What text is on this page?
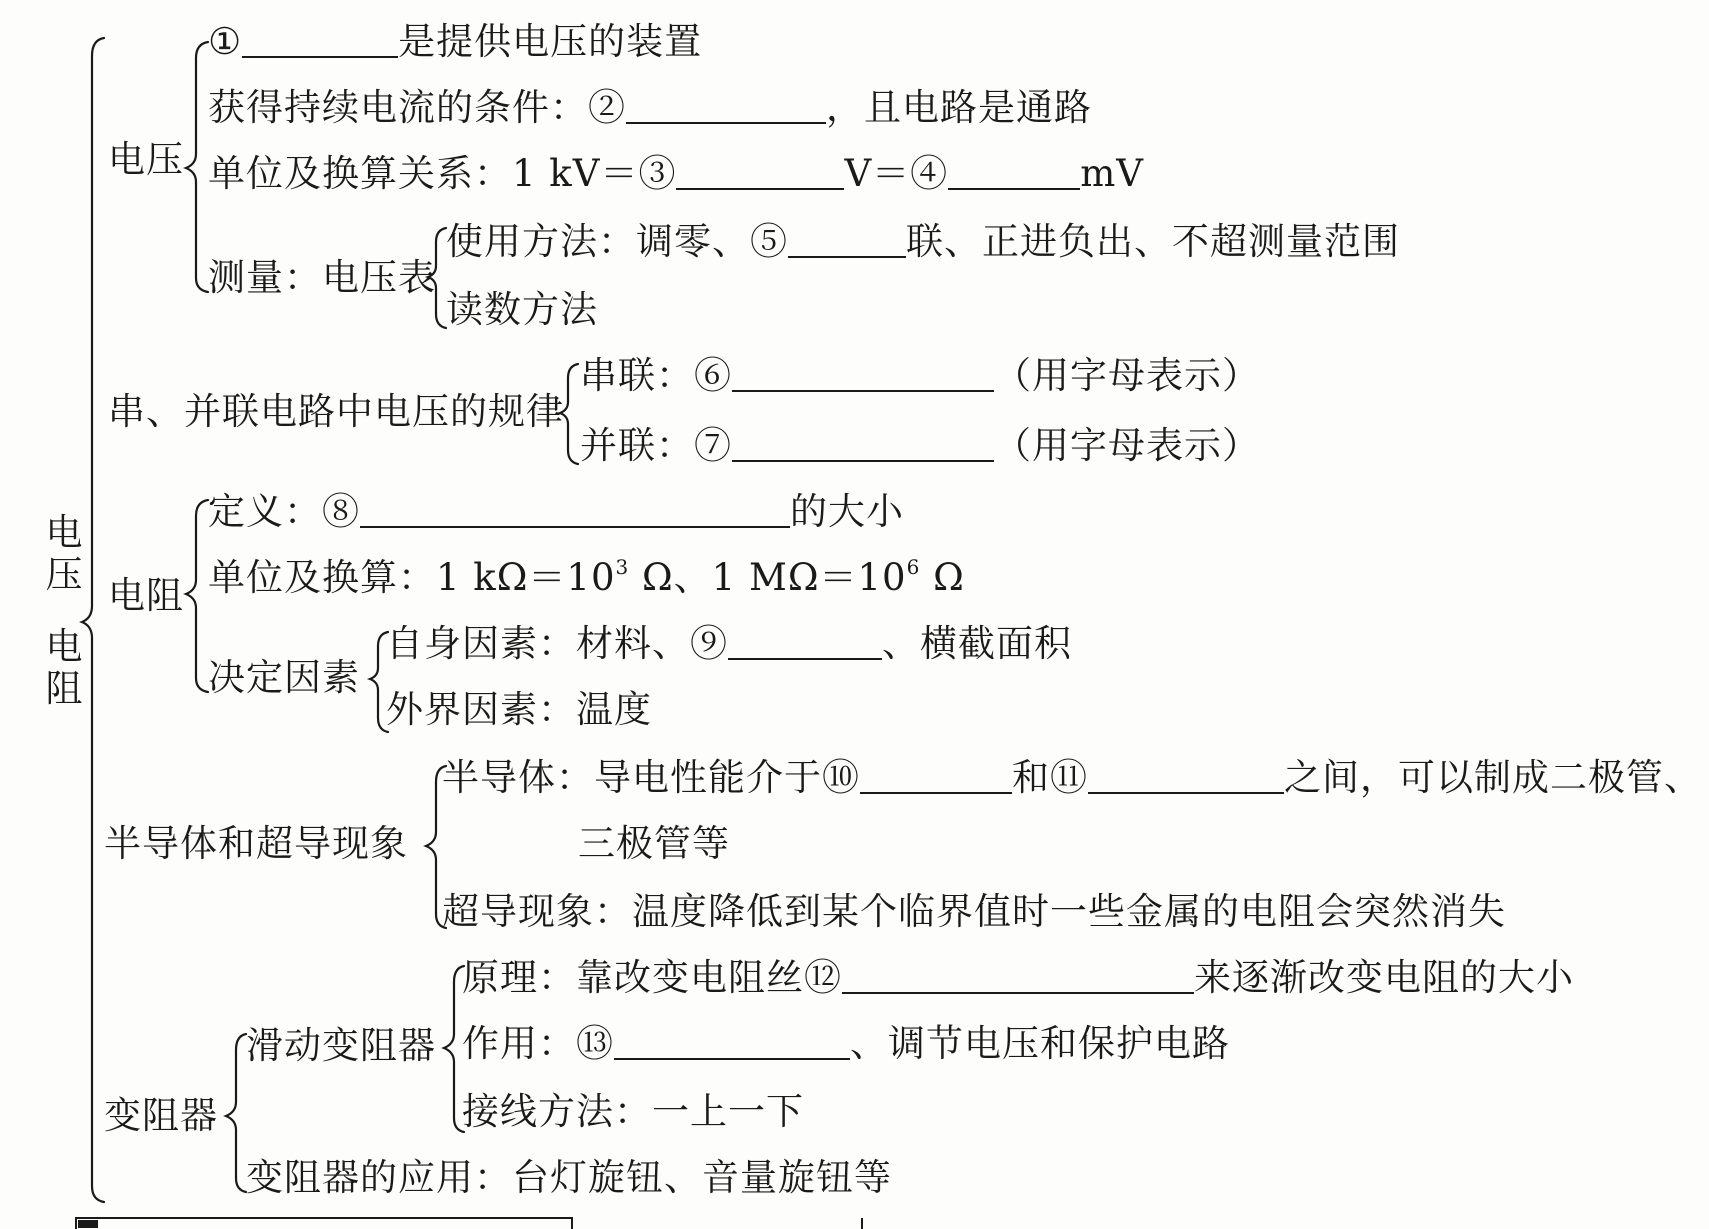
电
压
电
阻
电压
①	是提供电压的装置
获得持续电流的条件：②	，且电路是通路
单位及换算关系：1 kV＝③	V＝④	mV
测量：电压表
使用方法：调零、⑤	联、正进负出、不超测量范围
读数方法
串、并联电路中电压的规律
串联：⑥	（用字母表示）
并联：⑦	（用字母表示）
电阻
定义：⑧	的大小
单位及换算：1 $k\Omega=10^3$ Ω、1 $M\Omega=10^6$ Ω
决定因素
自身因素：材料、⑨	、横截面积
外界因素：温度
半导体和超导现象
半导体：导电性能介于⑩	和⑪	之间，可以制成二极管、
三极管等
超导现象：温度降低到某个临界值时一些金属的电阻会突然消失
变阻器
滑动变阻器
原理：靠改变电阻丝⑫	来逐渐改变电阻的大小
作用：⑬	、调节电压和保护电路
接线方法：一上一下
变阻器的应用：台灯旋钮、音量旋钮等
